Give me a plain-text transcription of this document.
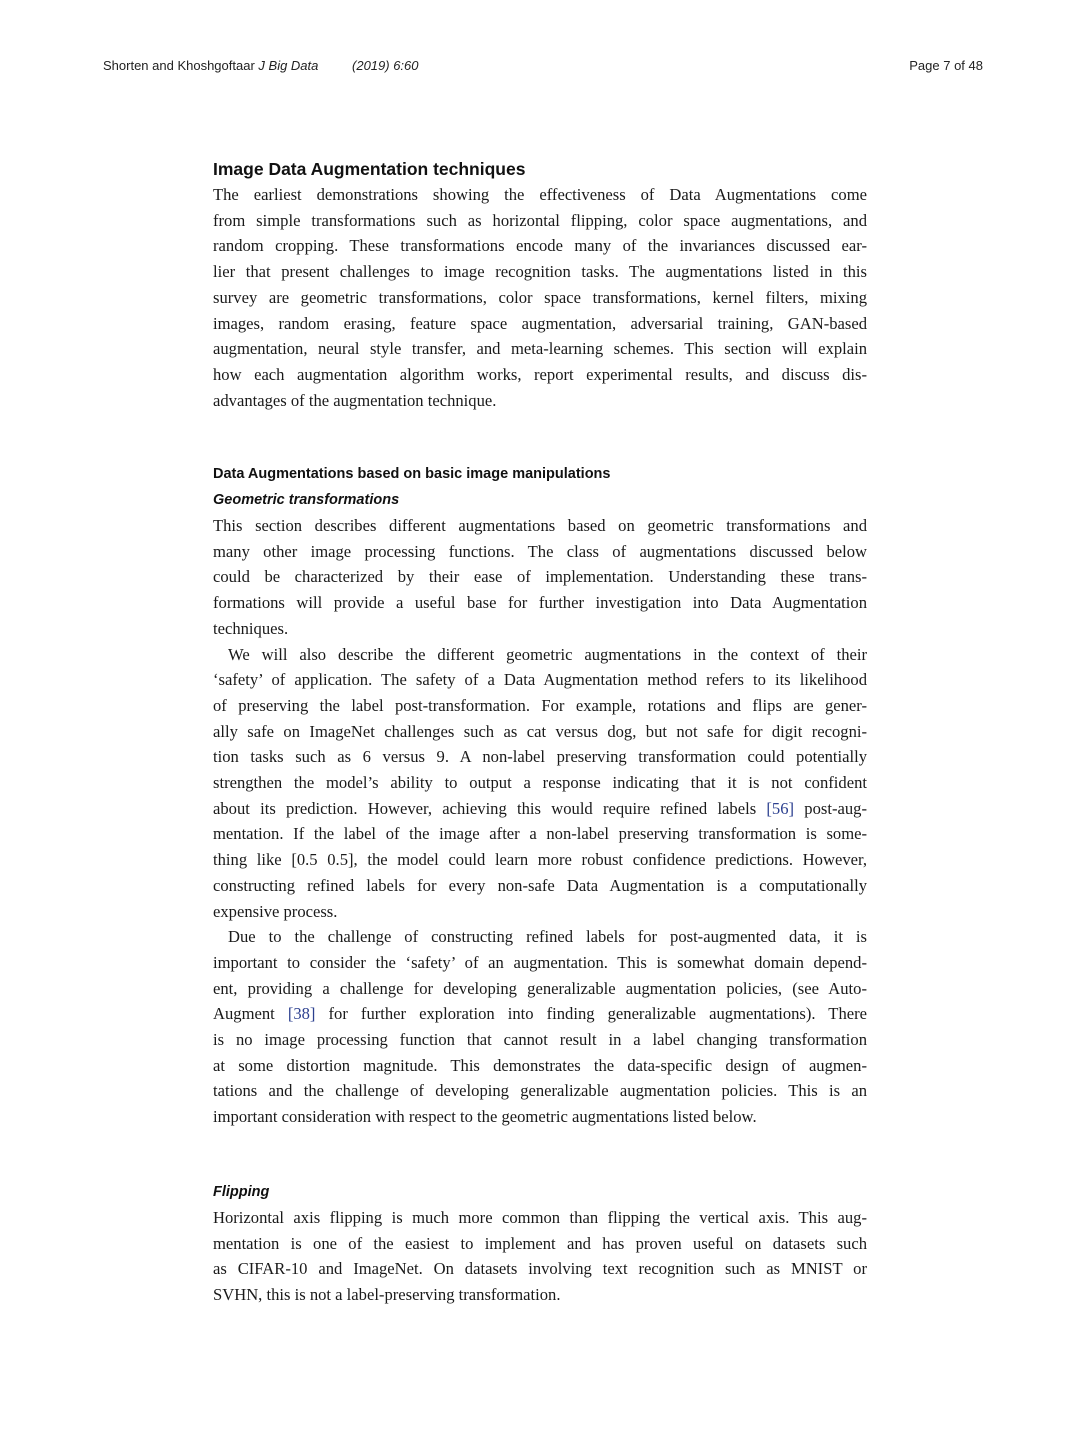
Shorten and Khoshgoftaar J Big Data	(2019) 6:60	Page 7 of 48
Image Data Augmentation techniques

The earliest demonstrations showing the effectiveness of Data Augmentations come
from simple transformations such as horizontal flipping, color space augmentations, and
random cropping. These transformations encode many of the invariances discussed ear-
lier that present challenges to image recognition tasks. The augmentations listed in this
survey are geometric transformations, color space transformations, kernel filters, mixing
images, random erasing, feature space augmentation, adversarial training, GAN-based
augmentation, neural style transfer, and meta-learning schemes. This section will explain
how each augmentation algorithm works, report experimental results, and discuss dis-
advantages of the augmentation technique.

Data Augmentations based on basic image manipulations
Geometric transformations

This section describes different augmentations based on geometric transformations and
many other image processing functions. The class of augmentations discussed below
could be characterized by their ease of implementation. Understanding these trans-
formations will provide a useful base for further investigation into Data Augmentation
techniques.

We will also describe the different geometric augmentations in the context of their
‘safety’ of application. The safety of a Data Augmentation method refers to its likelihood
of preserving the label post-transformation. For example, rotations and flips are gener-
ally safe on ImageNet challenges such as cat versus dog, but not safe for digit recogni-
tion tasks such as 6 versus 9. A non-label preserving transformation could potentially
strengthen the model’s ability to output a response indicating that it is not confident
about its prediction. However, achieving this would require refined labels [56] post-aug-
mentation. If the label of the image after a non-label preserving transformation is some-
thing like [0.5 0.5], the model could learn more robust confidence predictions. However,
constructing refined labels for every non-safe Data Augmentation is a computationally
expensive process.

Due to the challenge of constructing refined labels for post-augmented data, it is
important to consider the ‘safety’ of an augmentation. This is somewhat domain depend-
ent, providing a challenge for developing generalizable augmentation policies, (see Auto-
Augment [38] for further exploration into finding generalizable augmentations). There
is no image processing function that cannot result in a label changing transformation
at some distortion magnitude. This demonstrates the data-specific design of augmen-
tations and the challenge of developing generalizable augmentation policies. This is an
important consideration with respect to the geometric augmentations listed below.

Flipping

Horizontal axis flipping is much more common than flipping the vertical axis. This aug-
mentation is one of the easiest to implement and has proven useful on datasets such
as CIFAR-10 and ImageNet. On datasets involving text recognition such as MNIST or
SVHN, this is not a label-preserving transformation.
